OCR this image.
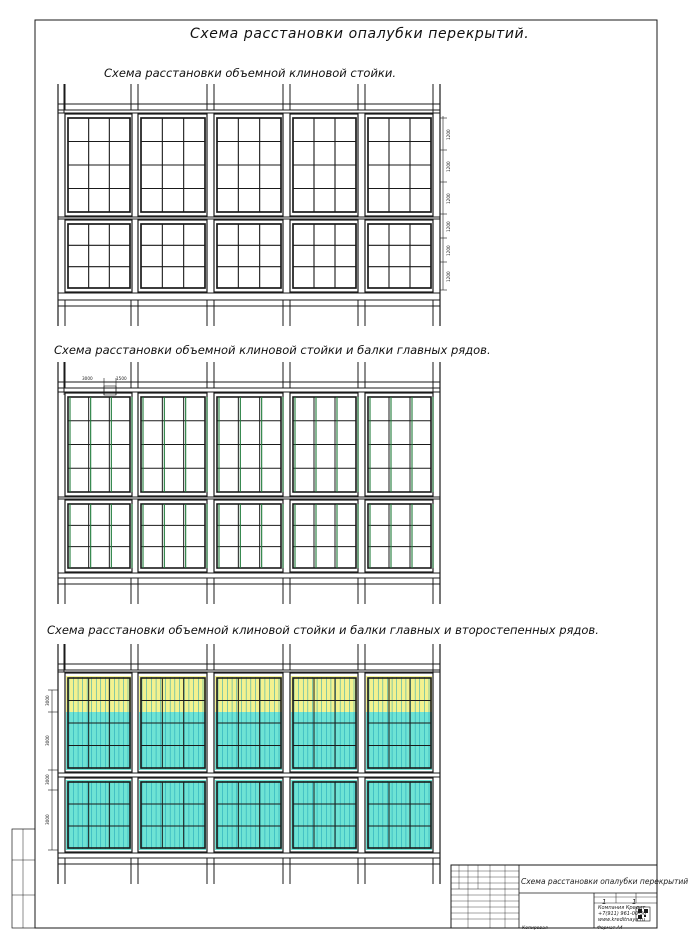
1200
1200
1200
1200
1200
1200
3000	1500
3000
3000
3000
3000
Схема расстановки опалубки перекрытий.
Схема расстановки объемной клиновой стойки.
Схема расстановки объемной клиновой стойки и балки главных рядов.
Схема расстановки объемной клиновой стойки и балки главных и второстепенных рядов.
Схема расстановки опалубки перекрытий
1	1
Компания Кредит
+7(911) 961-00-30
www.kreditnaya.ru
Копировал	Формат А4
